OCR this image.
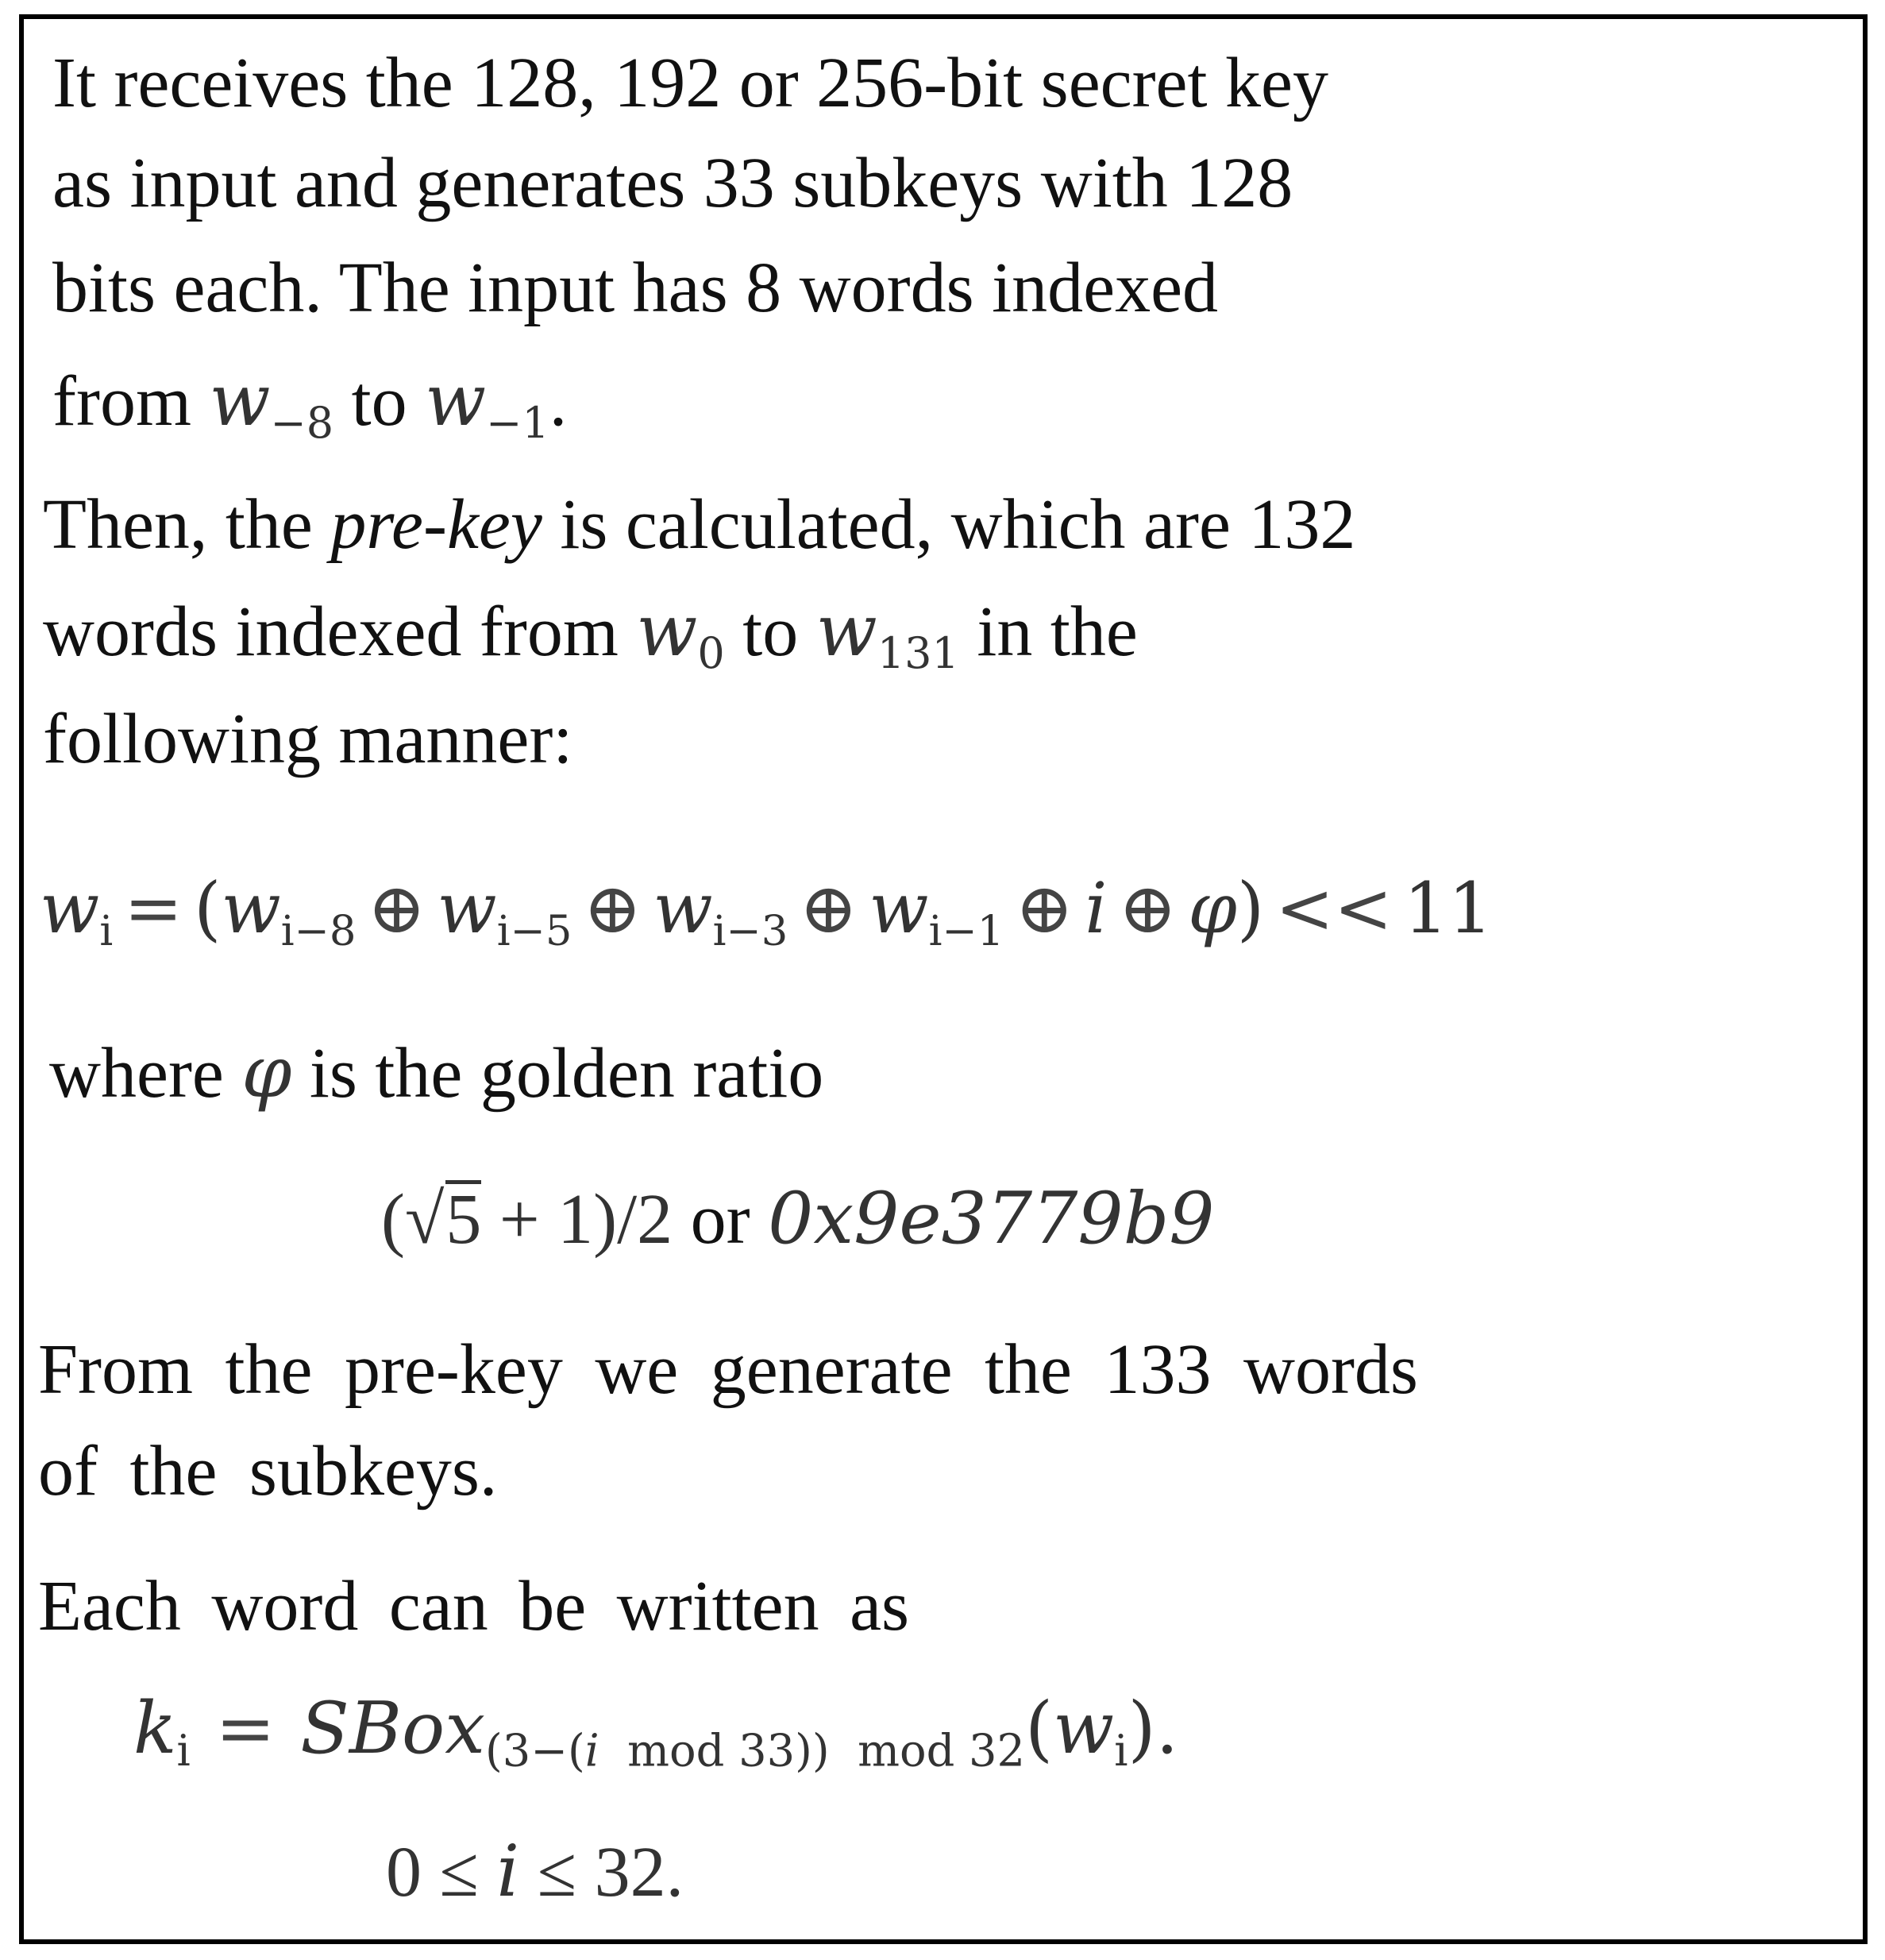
It receives the 128, 192 or 256-bit secret key
as input and generates 33 subkeys with 128
bits each. The input has 8 words indexed
from w−8 to w−1.
Then, the pre-key is calculated, which are 132
words indexed from w0 to w131 in the
following manner:
wi = (wi−8 ⊕ wi−5 ⊕ wi−3 ⊕ wi−1 ⊕ i ⊕ φ) << 11
where φ is the golden ratio
(√5 + 1)/2 or 0x9e3779b9
From the pre-key we generate the 133 words
of the subkeys.
Each word can be written as
ki = SBox(3−(i  mod 33))  mod 32(wi).
0 ≤ i ≤ 32.
